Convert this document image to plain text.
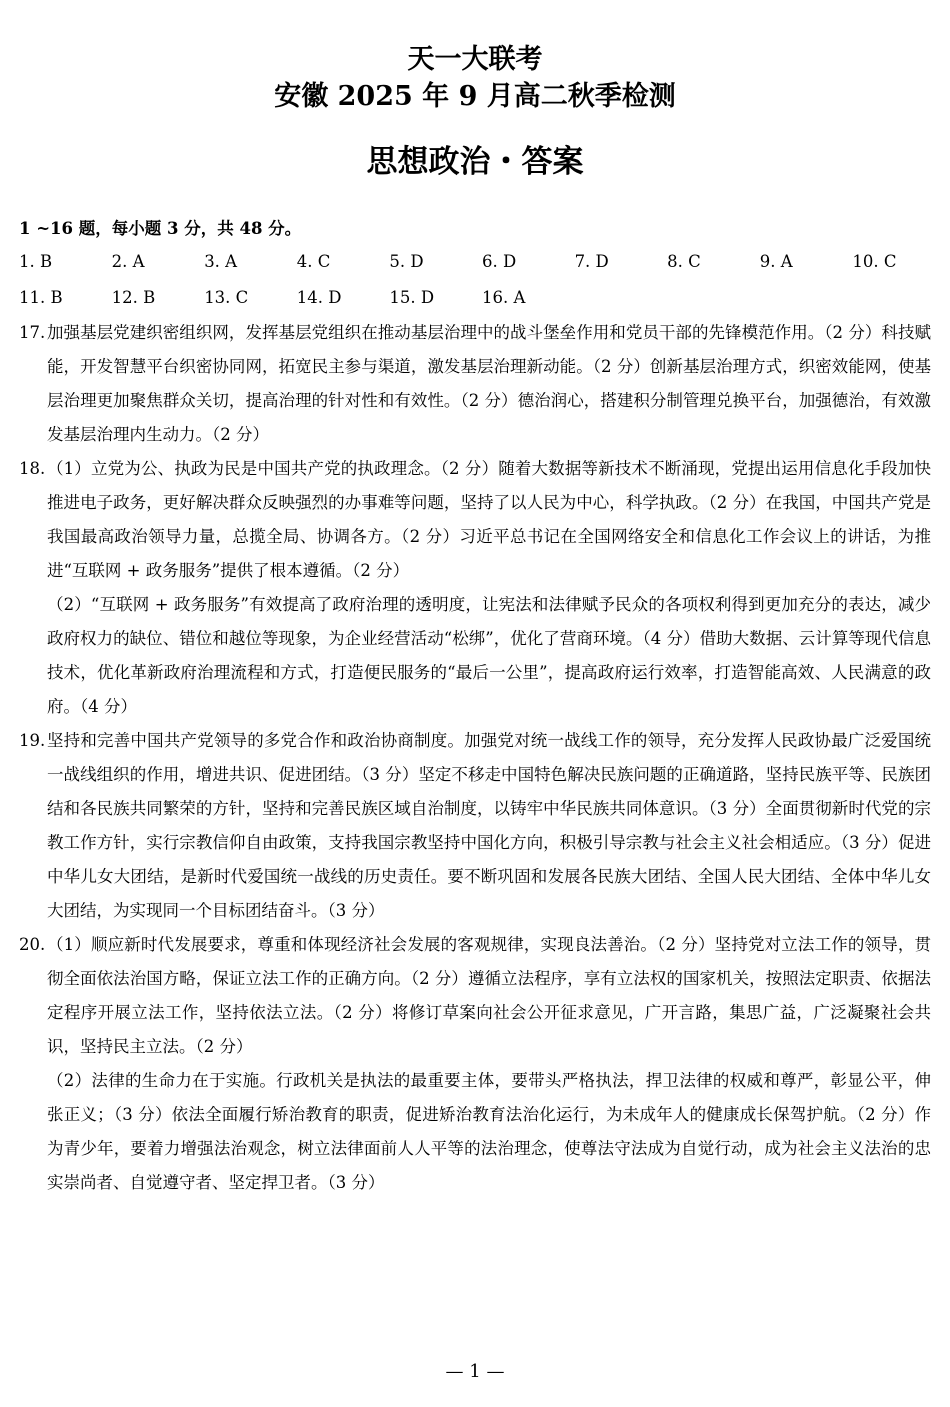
天一大联考
安徽 2025 年 9 月高二秋季检测
思想政治・答案
1 ~16 题，每小题 3 分，共 48 分。
1. B	2. A	3. A	4. C	5. D	6. D	7. D	8. C	9. A	10. C
11. B	12. B	13. C	14. D	15. D	16. A
17. 加强基层党建织密组织网，发挥基层党组织在推动基层治理中的战斗堡垒作用和党员干部的先锋模范作用。（2 分）科技赋能，开发智慧平台织密协同网，拓宽民主参与渠道，激发基层治理新动能。（2 分）创新基层治理方式，织密效能网，使基层治理更加聚焦群众关切，提高治理的针对性和有效性。（2 分）德治润心，搭建积分制管理兑换平台，加强德治，有效激发基层治理内生动力。（2 分）

18. （1）立党为公、执政为民是中国共产党的执政理念。（2 分）随着大数据等新技术不断涌现，党提出运用信息化手段加快推进电子政务，更好解决群众反映强烈的办事难等问题，坚持了以人民为中心，科学执政。（2 分）在我国，中国共产党是我国最高政治领导力量，总揽全局、协调各方。（2 分）习近平总书记在全国网络安全和信息化工作会议上的讲话，为推进“互联网 + 政务服务”提供了根本遵循。（2 分）

（2）“互联网 + 政务服务”有效提高了政府治理的透明度，让宪法和法律赋予民众的各项权利得到更加充分的表达，减少政府权力的缺位、错位和越位等现象，为企业经营活动“松绑”，优化了营商环境。（4 分）借助大数据、云计算等现代信息技术，优化革新政府治理流程和方式，打造便民服务的“最后一公里”，提高政府运行效率，打造智能高效、人民满意的政府。（4 分）

19. 坚持和完善中国共产党领导的多党合作和政治协商制度。加强党对统一战线工作的领导，充分发挥人民政协最广泛爱国统一战线组织的作用，增进共识、促进团结。（3 分）坚定不移走中国特色解决民族问题的正确道路，坚持民族平等、民族团结和各民族共同繁荣的方针，坚持和完善民族区域自治制度，以铸牢中华民族共同体意识。（3 分）全面贯彻新时代党的宗教工作方针，实行宗教信仰自由政策，支持我国宗教坚持中国化方向，积极引导宗教与社会主义社会相适应。（3 分）促进中华儿女大团结，是新时代爱国统一战线的历史责任。要不断巩固和发展各民族大团结、全国人民大团结、全体中华儿女大团结，为实现同一个目标团结奋斗。（3 分）

20. （1）顺应新时代发展要求，尊重和体现经济社会发展的客观规律，实现良法善治。（2 分）坚持党对立法工作的领导，贯彻全面依法治国方略，保证立法工作的正确方向。（2 分）遵循立法程序，享有立法权的国家机关，按照法定职责、依据法定程序开展立法工作，坚持依法立法。（2 分）将修订草案向社会公开征求意见，广开言路，集思广益，广泛凝聚社会共识，坚持民主立法。（2 分）

（2）法律的生命力在于实施。行政机关是执法的最重要主体，要带头严格执法，捍卫法律的权威和尊严，彰显公平，伸张正义；（3 分）依法全面履行矫治教育的职责，促进矫治教育法治化运行，为未成年人的健康成长保驾护航。（2 分）作为青少年，要着力增强法治观念，树立法律面前人人平等的法治理念，使尊法守法成为自觉行动，成为社会主义法治的忠实崇尚者、自觉遵守者、坚定捍卫者。（3 分）

— 1 —
